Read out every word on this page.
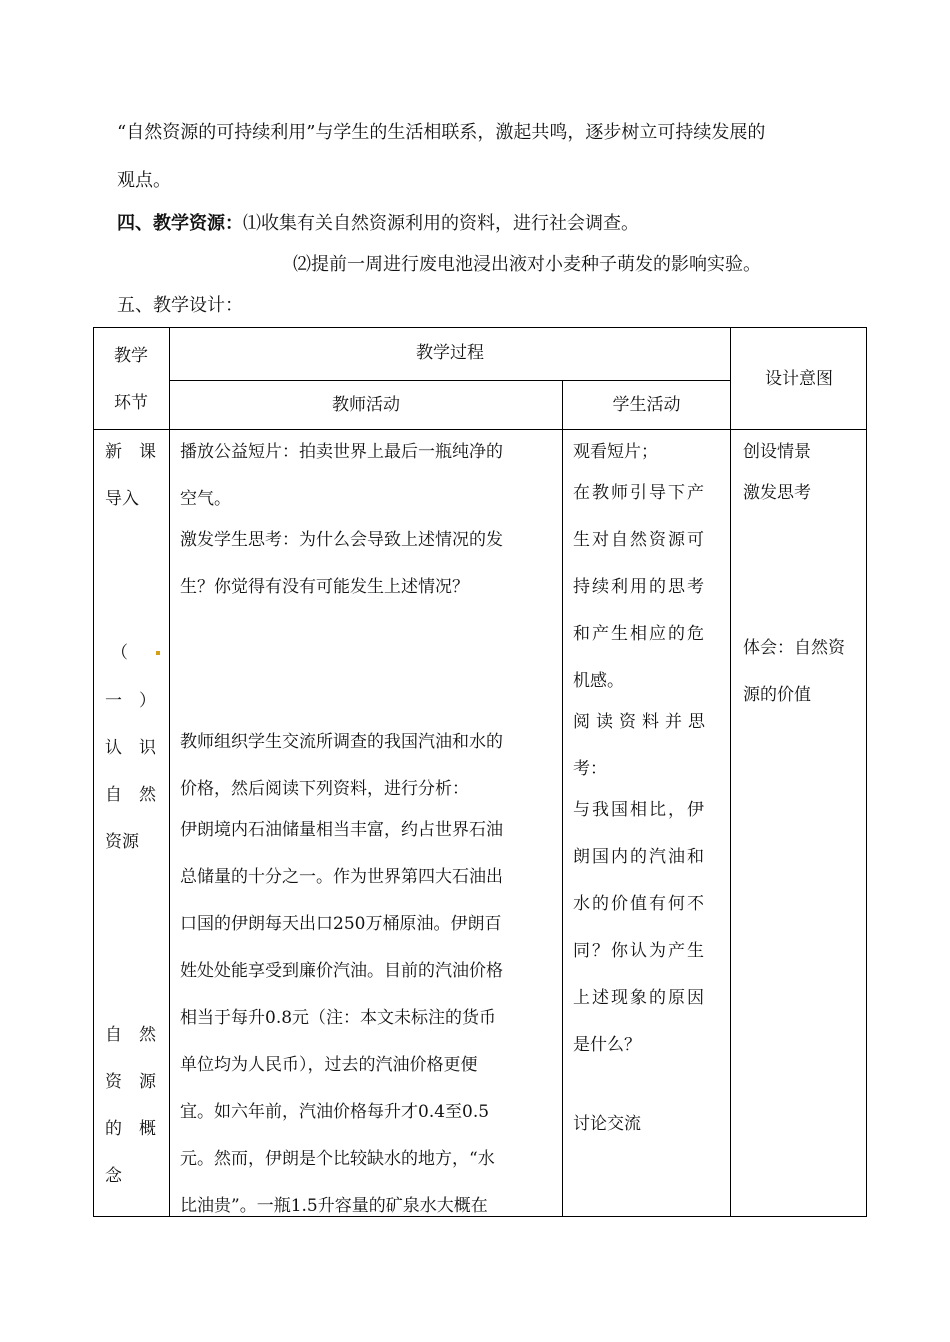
“自然资源的可持续利用”与学生的生活相联系，激起共鸣，逐步树立可持续发展的
观点。
四、教学资源：⑴收集有关自然资源利用的资料，进行社会调查。
⑵提前一周进行废电池浸出液对小麦种子萌发的影响实验。
五、教学设计：
教学
环节
教学过程
教师活动	学生活动
设计意图
新　课
导入
（
一　）
认　识
自　然
资源
自　然
资　源
的　概
念
播放公益短片：拍卖世界上最后一瓶纯净的
空气。
激发学生思考：为什么会导致上述情况的发
生？你觉得有没有可能发生上述情况？
教师组织学生交流所调查的我国汽油和水的
价格，然后阅读下列资料，进行分析：
伊朗境内石油储量相当丰富，约占世界石油
总储量的十分之一。作为世界第四大石油出
口国的伊朗每天出口250万桶原油。伊朗百
姓处处能享受到廉价汽油。目前的汽油价格
相当于每升0.8元（注：本文未标注的货币
单位均为人民币），过去的汽油价格更便
宜。如六年前，汽油价格每升才0.4至0.5
元。然而，伊朗是个比较缺水的地方，“水
比油贵”。一瓶1.5升容量的矿泉水大概在
观看短片；
在教师引导下产
生对自然资源可
持续利用的思考
和产生相应的危
机感。
阅读资料并思
考：
与我国相比，伊
朗国内的汽油和
水的价值有何不
同？你认为产生
上述现象的原因
是什么？
讨论交流
创设情景
激发思考
体会：自然资
源的价值
